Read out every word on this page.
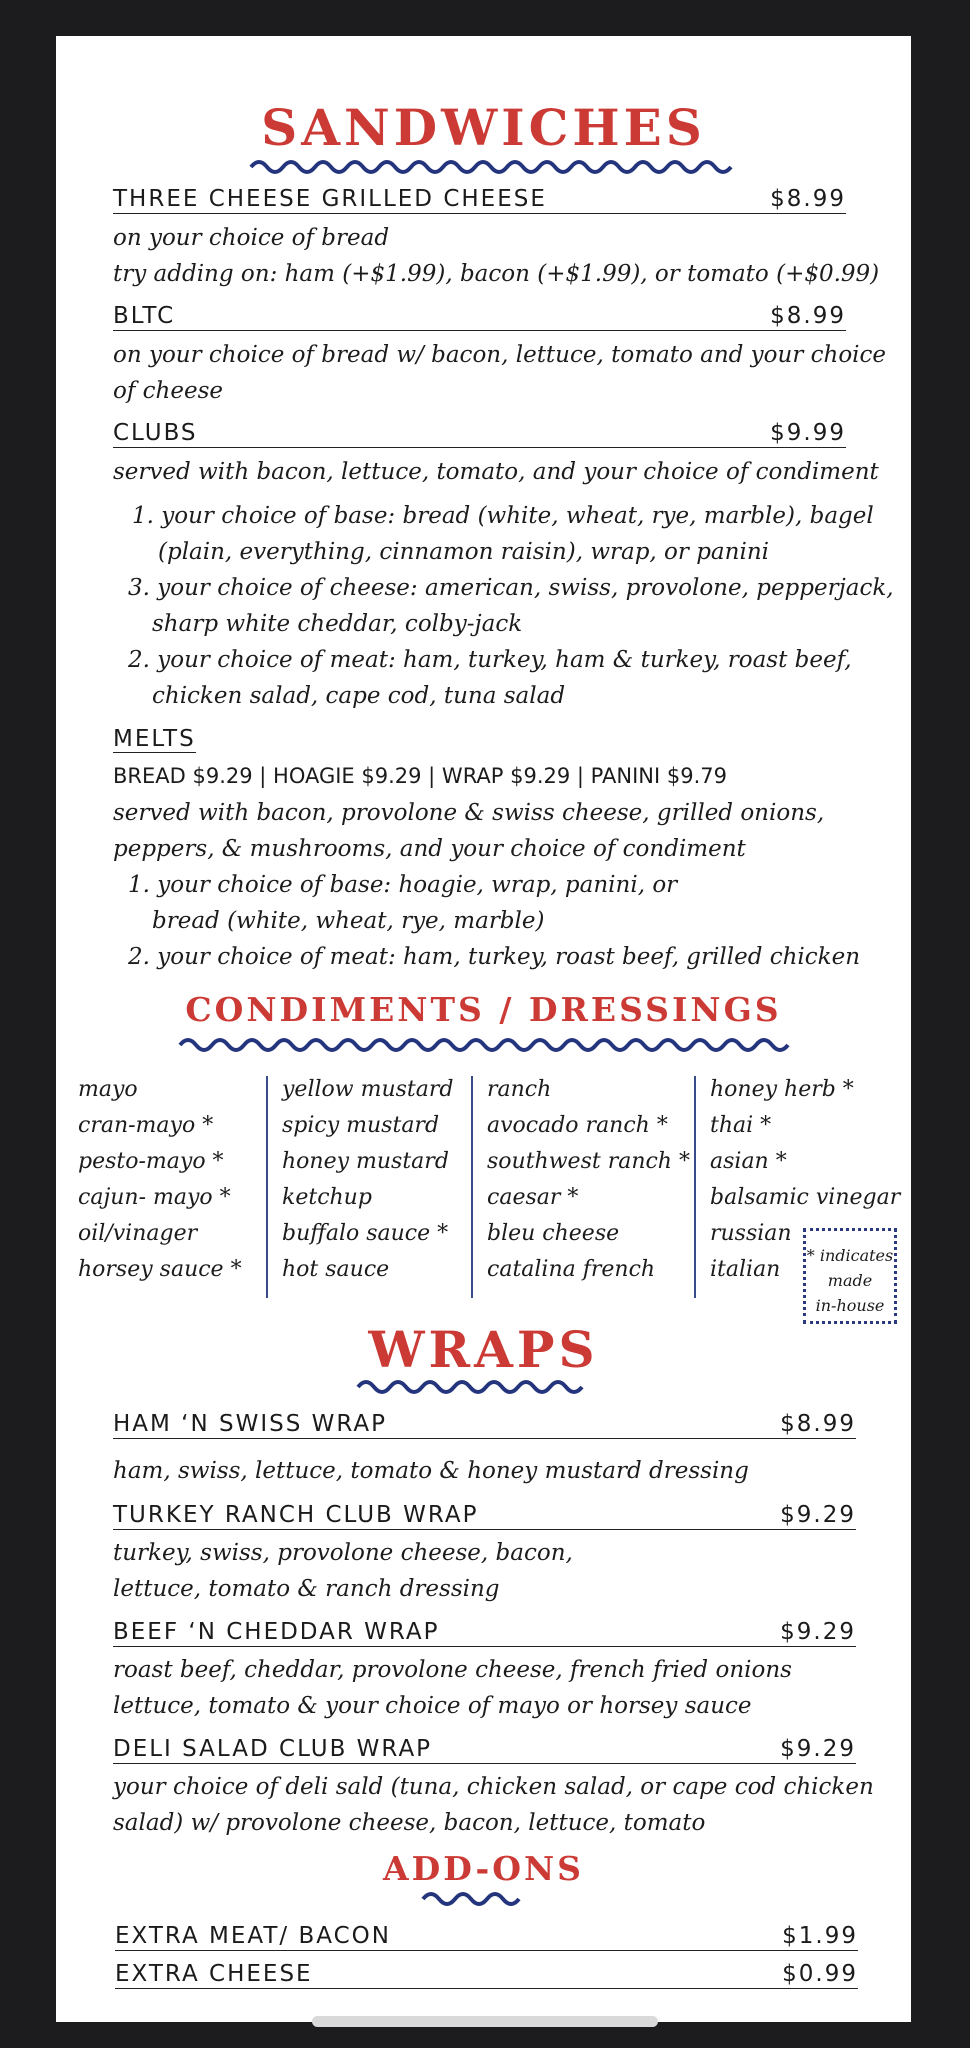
SANDWICHES
THREE CHEESE GRILLED CHEESE	$8.99
on your choice of bread
try adding on: ham (+$1.99), bacon (+$1.99), or tomato (+$0.99)
BLTC	$8.99
on your choice of bread w/ bacon, lettuce, tomato and your choice
of cheese
CLUBS	$9.99
served with bacon, lettuce, tomato, and your choice of condiment
1. your choice of base: bread (white, wheat, rye, marble), bagel
(plain, everything, cinnamon raisin), wrap, or panini
3. your choice of cheese: american, swiss, provolone, pepperjack,
sharp white cheddar, colby-jack
2. your choice of meat: ham, turkey, ham & turkey, roast beef,
chicken salad, cape cod, tuna salad
MELTS
BREAD $9.29 | HOAGIE $9.29 | WRAP $9.29 | PANINI $9.79
served with bacon, provolone & swiss cheese, grilled onions,
peppers, & mushrooms, and your choice of condiment
1. your choice of base: hoagie, wrap, panini, or
bread (white, wheat, rye, marble)
2. your choice of meat: ham, turkey, roast beef, grilled chicken
CONDIMENTS / DRESSINGS
mayo
cran-mayo *
pesto-mayo *
cajun- mayo *
oil/vinager
horsey sauce *
yellow mustard
spicy mustard
honey mustard
ketchup
buffalo sauce *
hot sauce
ranch
avocado ranch *
southwest ranch *
caesar *
bleu cheese
catalina french
honey herb *
thai *
asian *
balsamic vinegar
russian
italian
* indicates
made
in-house
WRAPS
HAM ‘N SWISS WRAP	$8.99
ham, swiss, lettuce, tomato & honey mustard dressing
TURKEY RANCH CLUB WRAP	$9.29
turkey, swiss, provolone cheese, bacon,
lettuce, tomato & ranch dressing
BEEF ‘N CHEDDAR WRAP	$9.29
roast beef, cheddar, provolone cheese, french fried onions
lettuce, tomato & your choice of mayo or horsey sauce
DELI SALAD CLUB WRAP	$9.29
your choice of deli sald (tuna, chicken salad, or cape cod chicken
salad) w/ provolone cheese, bacon, lettuce, tomato
ADD-ONS
EXTRA MEAT/ BACON	$1.99
EXTRA CHEESE	$0.99
